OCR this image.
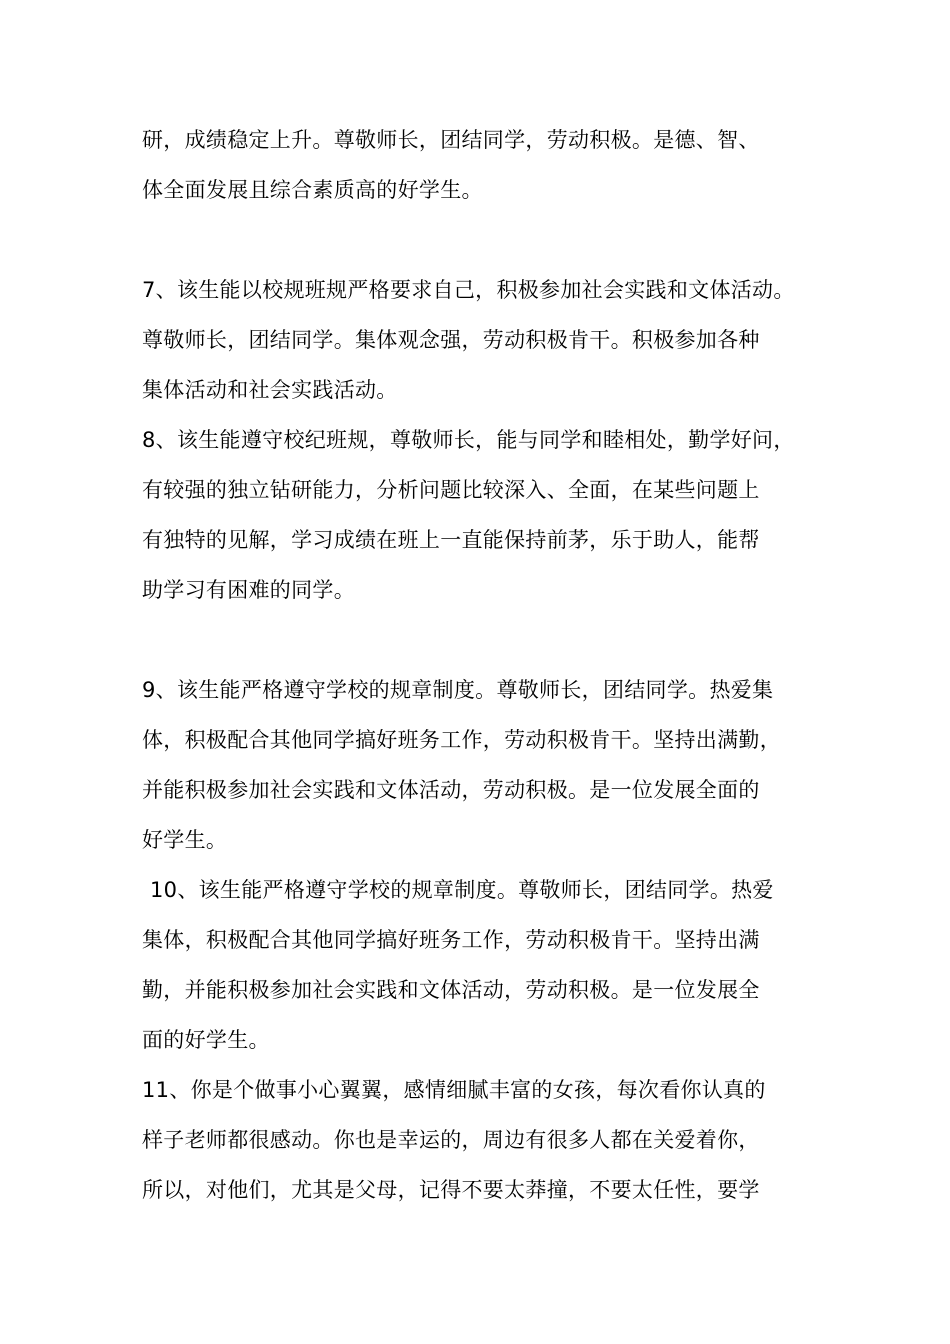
研，成绩稳定上升。尊敬师长，团结同学，劳动积极。是德、智、
体全面发展且综合素质高的好学生。
7、该生能以校规班规严格要求自己，积极参加社会实践和文体活动。
尊敬师长，团结同学。集体观念强，劳动积极肯干。积极参加各种
集体活动和社会实践活动。
8、该生能遵守校纪班规，尊敬师长，能与同学和睦相处，勤学好问，
有较强的独立钻研能力，分析问题比较深入、全面，在某些问题上
有独特的见解，学习成绩在班上一直能保持前茅，乐于助人，能帮
助学习有困难的同学。
9、该生能严格遵守学校的规章制度。尊敬师长，团结同学。热爱集
体，积极配合其他同学搞好班务工作，劳动积极肯干。坚持出满勤，
并能积极参加社会实践和文体活动，劳动积极。是一位发展全面的
好学生。
10、该生能严格遵守学校的规章制度。尊敬师长，团结同学。热爱
集体，积极配合其他同学搞好班务工作，劳动积极肯干。坚持出满
勤，并能积极参加社会实践和文体活动，劳动积极。是一位发展全
面的好学生。
11、你是个做事小心翼翼，感情细腻丰富的女孩，每次看你认真的
样子老师都很感动。你也是幸运的，周边有很多人都在关爱着你，
所以，对他们，尤其是父母，记得不要太莽撞，不要太任性，要学
